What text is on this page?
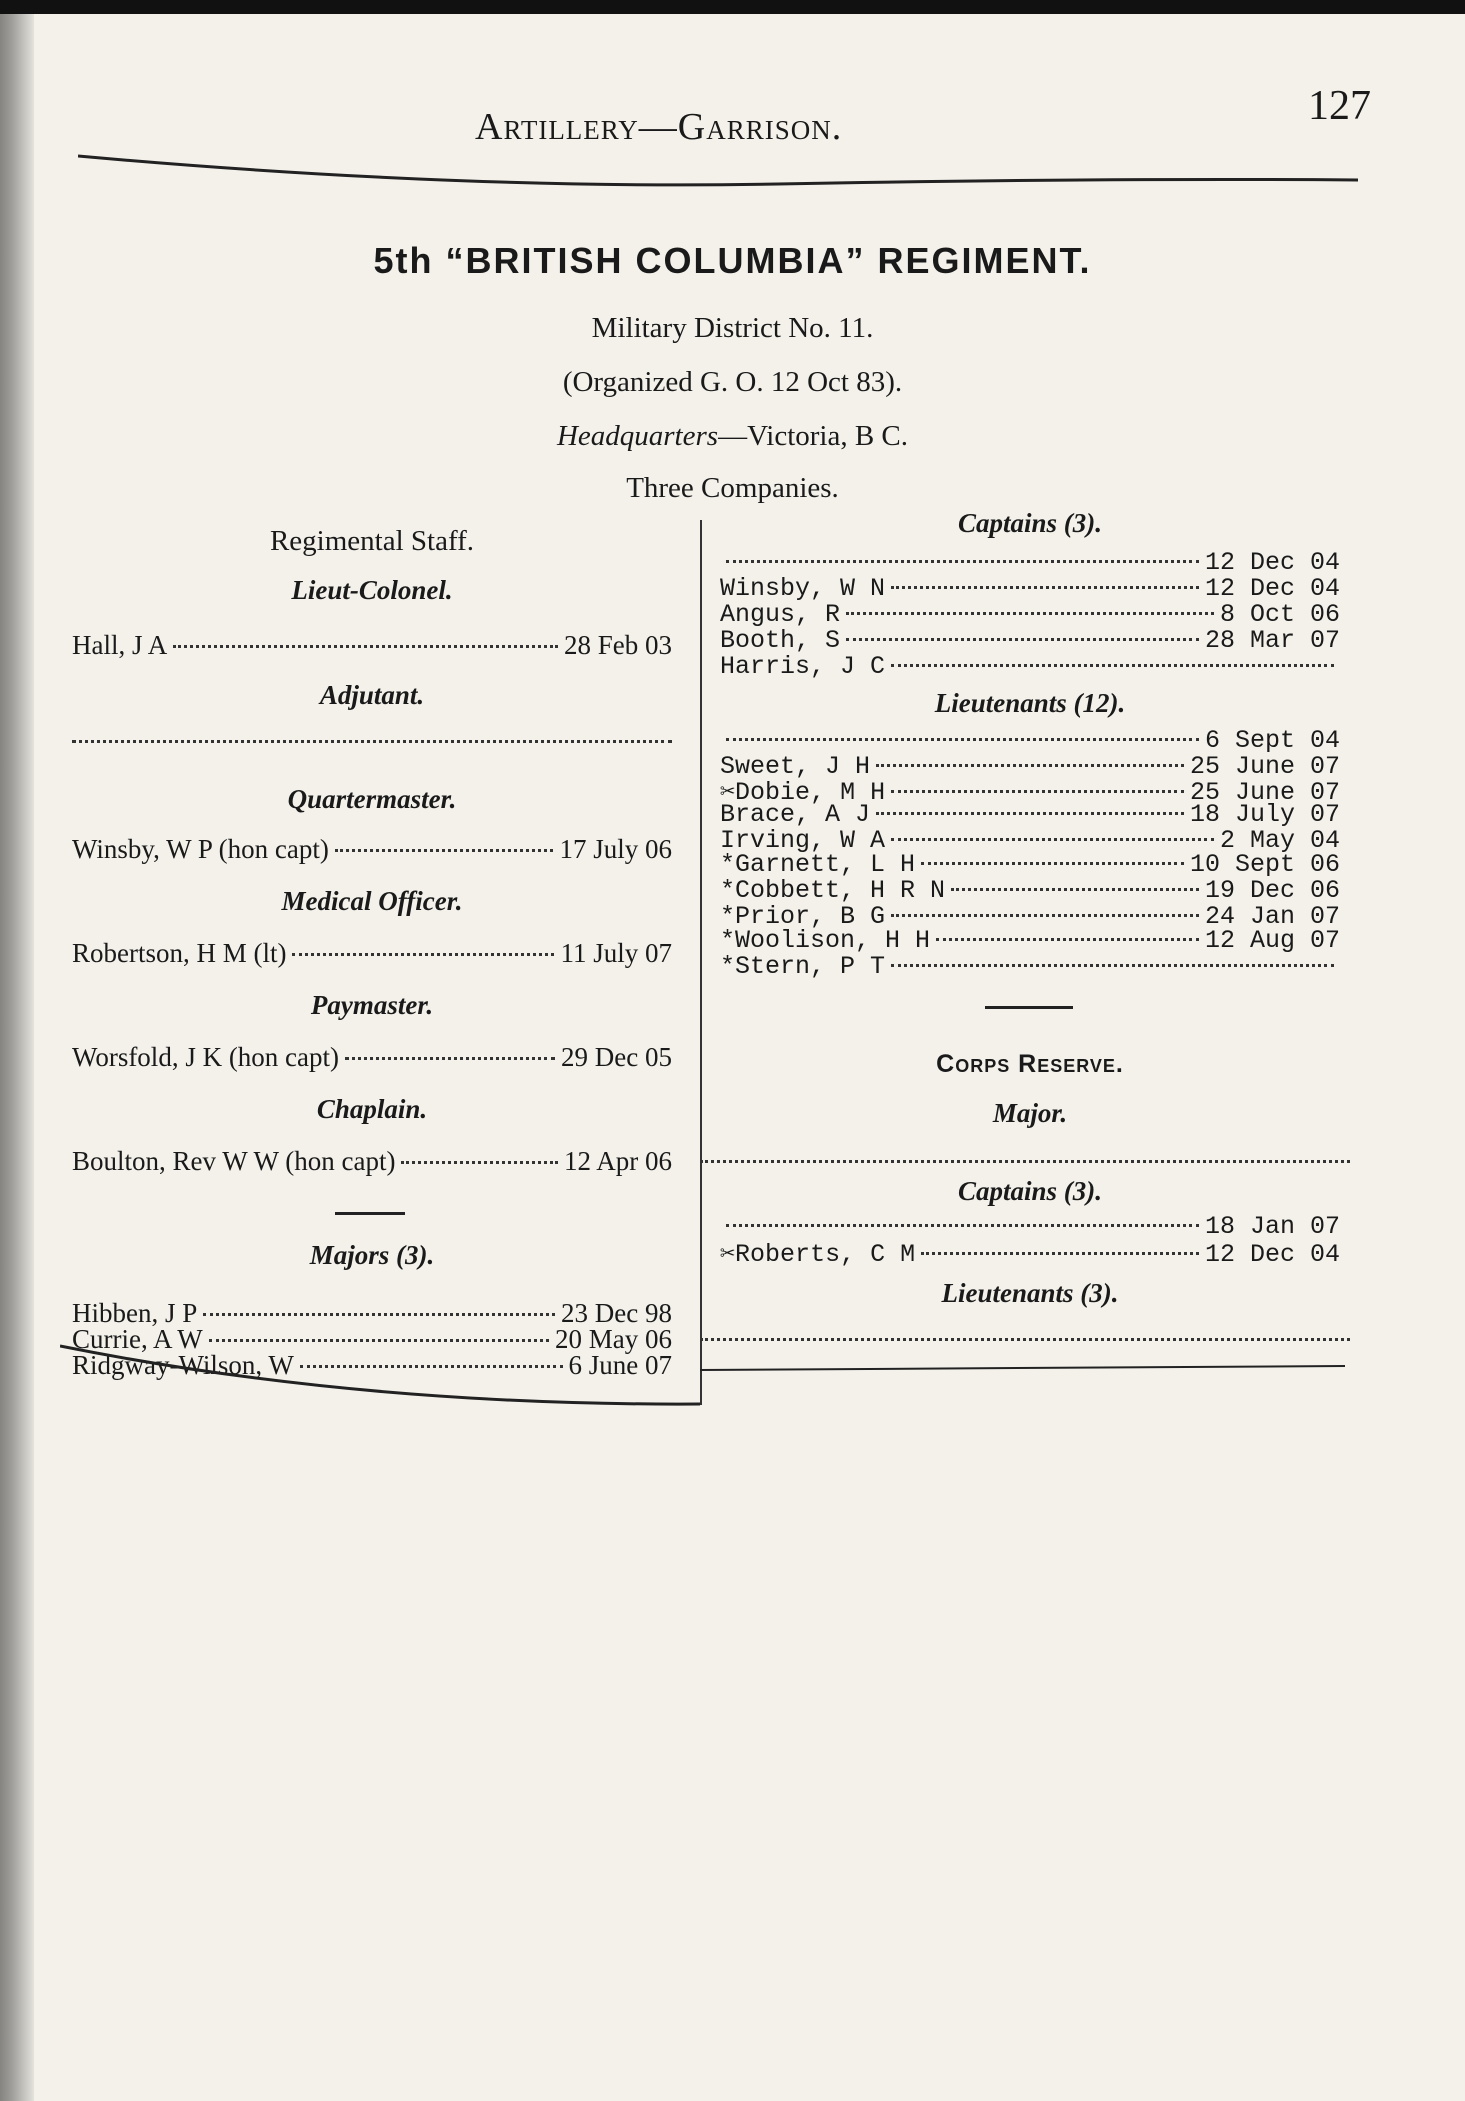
Artillery—Garrison.	127
5th “BRITISH COLUMBIA” REGIMENT.
Military District No. 11.
(Organized G. O. 12 Oct 83).
Headquarters—Victoria, B C.
Three Companies.
Regimental Staff.
Lieut-Colonel.
Hall, J A	28 Feb 03
Adjutant.
Quartermaster.
Winsby, W P (hon capt)	17 July 06
Medical Officer.
Robertson, H M (lt)	11 July 07
Paymaster.
Worsfold, J K (hon capt)	29 Dec 05
Chaplain.
Boulton, Rev W W (hon capt)	12 Apr 06
Majors (3).
Hibben, J P	23 Dec 98
Currie, A W	20 May 06
Ridgway-Wilson, W	6 June 07
Captains (3).
12 Dec 04
Winsby, W N	12 Dec 04
Angus, R	8 Oct 06
Booth, S	28 Mar 07
Harris, J C
Lieutenants (12).
6 Sept 04
Sweet, J H	25 June 07
✂Dobie, M H	25 June 07
Brace, A J	18 July 07
Irving, W A	2 May 04
*Garnett, L H	10 Sept 06
*Cobbett, H R N	19 Dec 06
*Prior, B G	24 Jan 07
*Woolison, H H	12 Aug 07
*Stern, P T
Corps Reserve.
Major.
Captains (3).
18 Jan 07
✂Roberts, C M	12 Dec 04
Lieutenants (3).
